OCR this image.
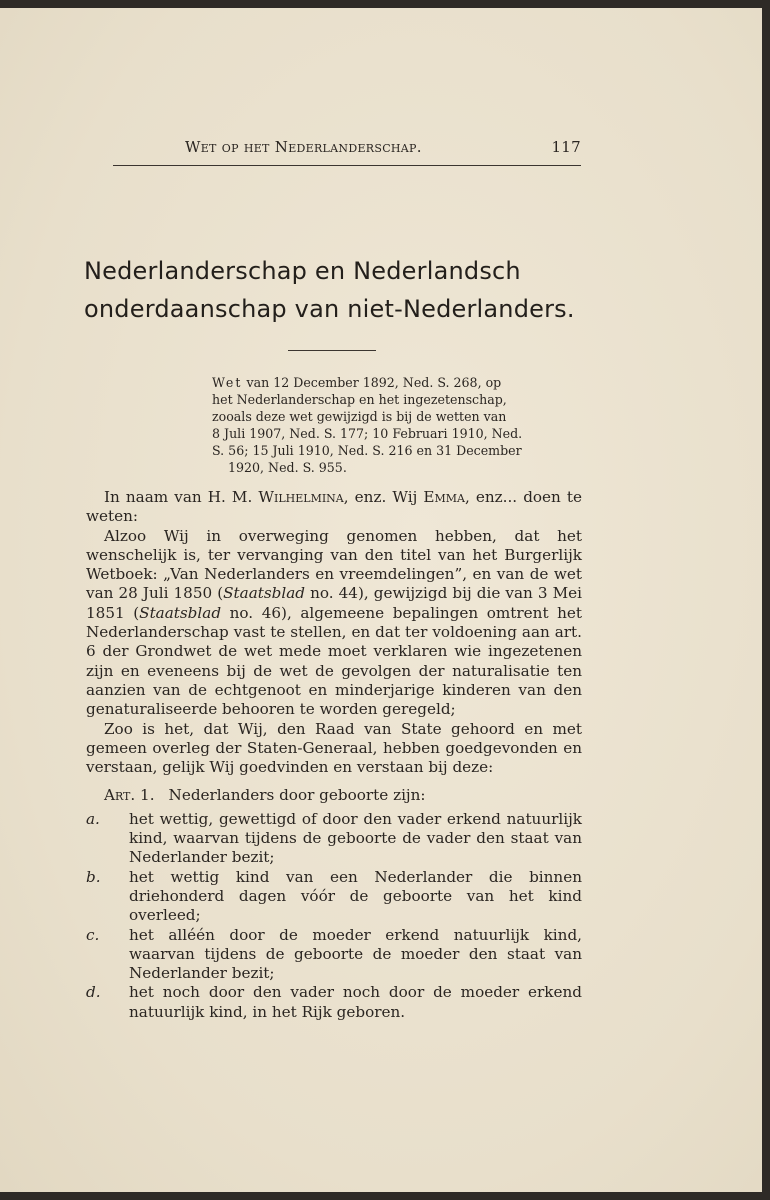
Wet op het Nederlanderschap.	117
Nederlanderschap en Nederlandsch
onderdaanschap van niet-Nederlanders.
Wet van 12 December 1892, Ned. S. 268, op
het Nederlanderschap en het ingezetenschap,
zooals deze wet gewijzigd is bij de wetten van
8 Juli 1907, Ned. S. 177; 10 Februari 1910, Ned.
S. 56; 15 Juli 1910, Ned. S. 216 en 31 December

1920, Ned. S. 955.

In naam van H. M. Wilhelmina, enz. Wij Emma, enz... doen te weten:

Alzoo Wij in overweging genomen hebben, dat het wenschelijk is, ter vervanging van den titel van het Burgerlijk Wetboek: „Van Nederlanders en vreemdelingen”, en van de wet van 28 Juli 1850 (Staatsblad no. 44), gewijzigd bij die van 3 Mei 1851 (Staatsblad no. 46), algemeene bepalingen omtrent het Nederlanderschap vast te stellen, en dat ter voldoening aan art. 6 der Grondwet de wet mede moet verklaren wie ingezetenen zijn en eveneens bij de wet de gevolgen der naturalisatie ten aanzien van de echtgenoot en minderjarige kinderen van den genaturaliseerde behooren te worden geregeld;

Zoo is het, dat Wij, den Raad van State gehoord en met gemeen overleg der Staten-Generaal, hebben goedgevonden en verstaan, gelijk Wij goedvinden en verstaan bij deze:

Art. 1. Nederlanders door geboorte zijn:

a. het wettig, gewettigd of door den vader erkend natuurlijk kind, waarvan tijdens de geboorte de vader den staat van Nederlander bezit;
b. het wettig kind van een Nederlander die binnen driehonderd dagen vóór de geboorte van het kind overleed;
c. het alléén door de moeder erkend natuurlijk kind, waarvan tijdens de geboorte de moeder den staat van Nederlander bezit;
d. het noch door den vader noch door de moeder erkend natuurlijk kind, in het Rijk geboren.
